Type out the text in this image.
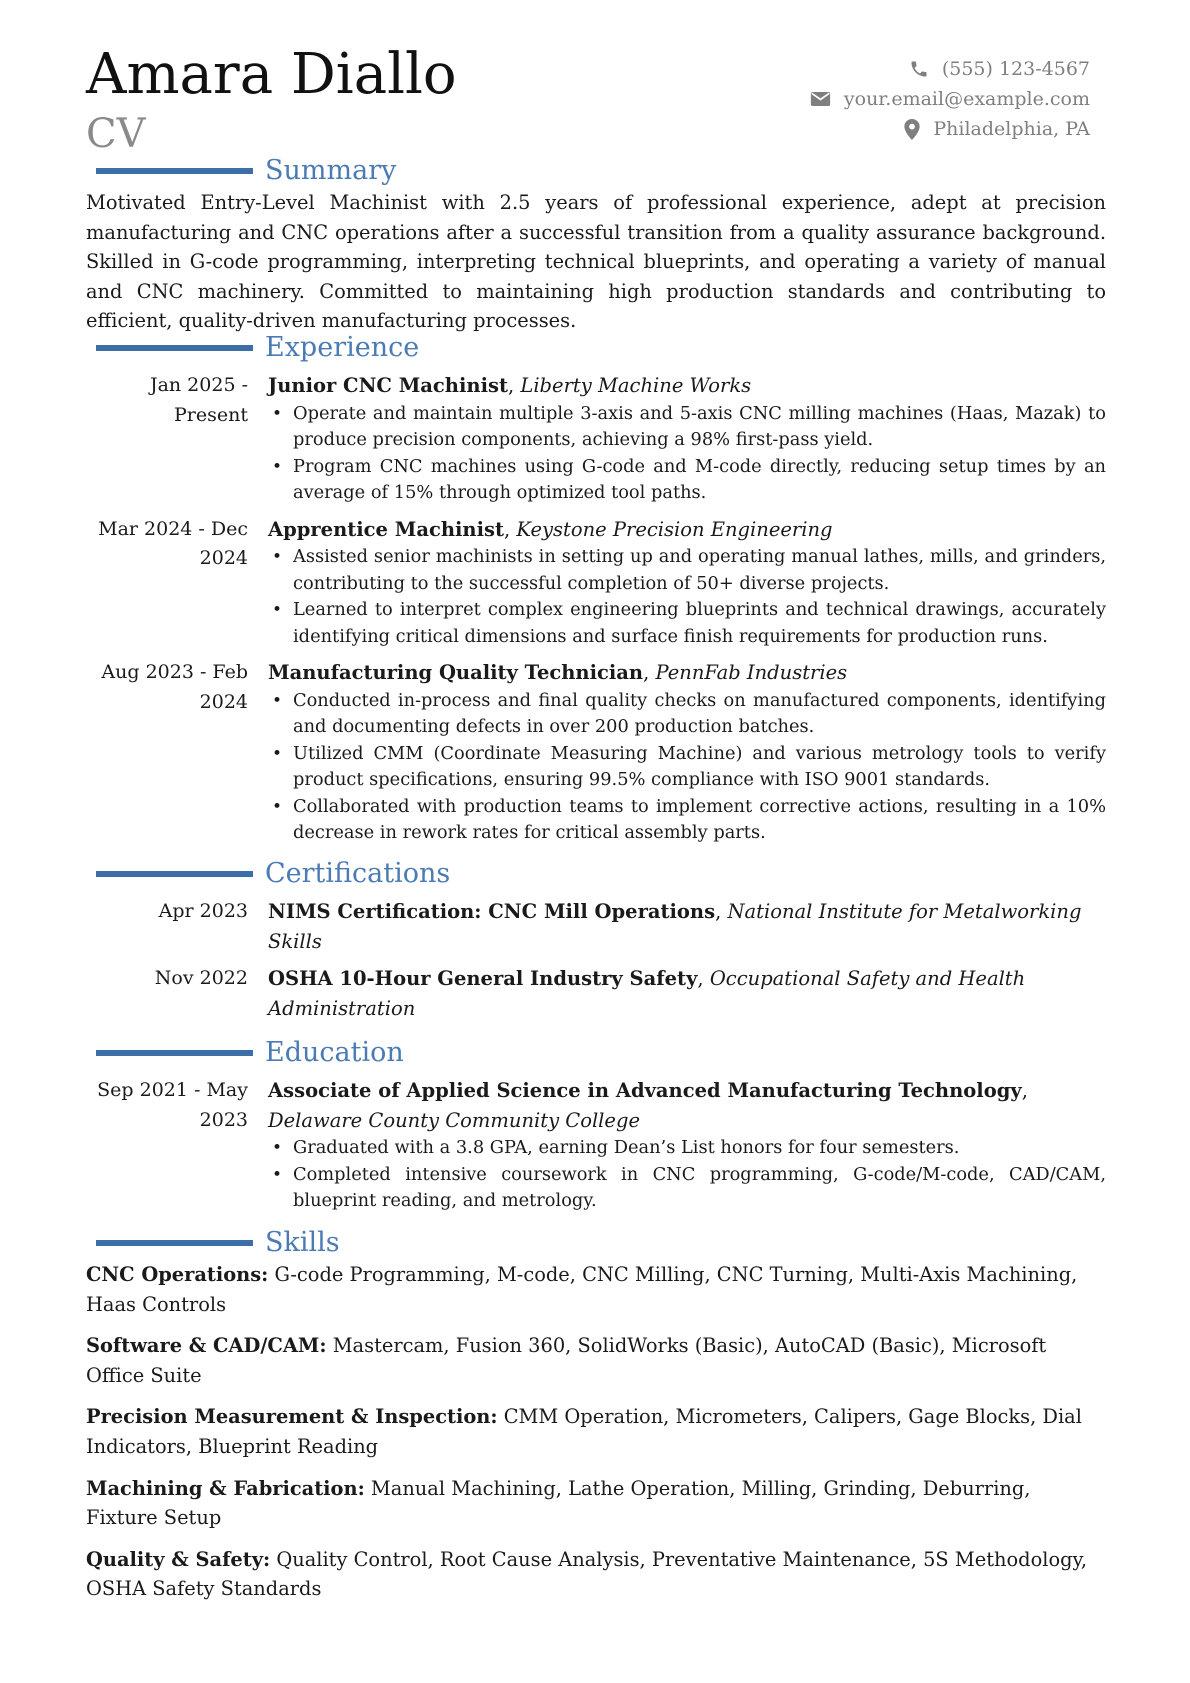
Amara Diallo
CV
(555) 123-4567
your.email@example.com
Philadelphia, PA
Summary

Motivated Entry-Level Machinist with 2.5 years of professional experience, adept at precision manufacturing and CNC operations after a successful transition from a quality assurance background. Skilled in G-code programming, interpreting technical blueprints, and operating a variety of manual and CNC machinery. Committed to maintaining high production standards and contributing to efficient, quality-driven manufacturing processes.

Experience
Jan 2025 - Present
Junior CNC Machinist, Liberty Machine Works
• Operate and maintain multiple 3-axis and 5-axis CNC milling machines (Haas, Mazak) to produce precision components, achieving a 98% first-pass yield.
• Program CNC machines using G-code and M-code directly, reducing setup times by an average of 15% through optimized tool paths.
Mar 2024 - Dec 2024
Apprentice Machinist, Keystone Precision Engineering
• Assisted senior machinists in setting up and operating manual lathes, mills, and grinders, contributing to the successful completion of 50+ diverse projects.
• Learned to interpret complex engineering blueprints and technical drawings, accurately identifying critical dimensions and surface finish requirements for production runs.
Aug 2023 - Feb 2024
Manufacturing Quality Technician, PennFab Industries
• Conducted in-process and final quality checks on manufactured components, identifying and documenting defects in over 200 production batches.
• Utilized CMM (Coordinate Measuring Machine) and various metrology tools to verify product specifications, ensuring 99.5% compliance with ISO 9001 standards.
• Collaborated with production teams to implement corrective actions, resulting in a 10% decrease in rework rates for critical assembly parts.
Certifications
Apr 2023 NIMS Certification: CNC Mill Operations, National Institute for Metalworking Skills
Nov 2022 OSHA 10-Hour General Industry Safety, Occupational Safety and Health Administration
Education
Sep 2021 - May 2023
Associate of Applied Science in Advanced Manufacturing Technology, Delaware County Community College
• Graduated with a 3.8 GPA, earning Dean’s List honors for four semesters.
• Completed intensive coursework in CNC programming, G-code/M-code, CAD/CAM, blueprint reading, and metrology.
Skills
CNC Operations: G-code Programming, M-code, CNC Milling, CNC Turning, Multi-Axis Machining, Haas Controls
Software & CAD/CAM: Mastercam, Fusion 360, SolidWorks (Basic), AutoCAD (Basic), Microsoft Office Suite
Precision Measurement & Inspection: CMM Operation, Micrometers, Calipers, Gage Blocks, Dial Indicators, Blueprint Reading
Machining & Fabrication: Manual Machining, Lathe Operation, Milling, Grinding, Deburring, Fixture Setup
Quality & Safety: Quality Control, Root Cause Analysis, Preventative Maintenance, 5S Methodology, OSHA Safety Standards
